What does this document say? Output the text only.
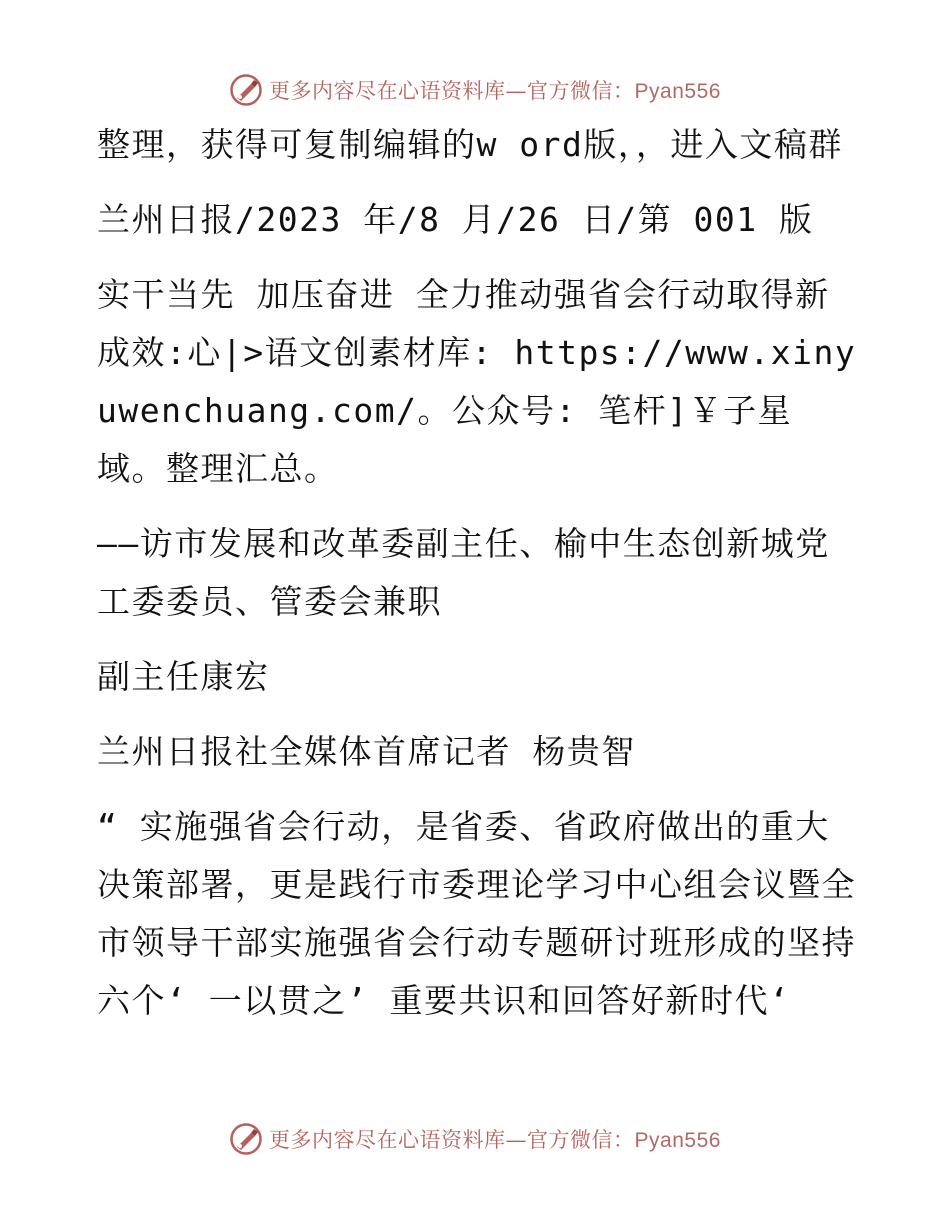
更多内容尽在心语资料库—官方微信：Pyan556

整理，获得可复制编辑的w ord版，，进入文稿群

兰州日报/2023 年/8 月/26 日/第 001 版

实干当先 加压奋进 全力推动强省会行动取得新成效:心|>语文创素材库: https://www.xinyuwenchuang.com/。公众号: 笔杆]￥子星域。整理汇总。

——访市发展和改革委副主任、榆中生态创新城党工委委员、管委会兼职

副主任康宏

兰州日报社全媒体首席记者 杨贵智

“ 实施强省会行动，是省委、省政府做出的重大决策部署，更是践行市委理论学习中心组会议暨全市领导干部实施强省会行动专题研讨班形成的坚持六个‘ 一以贯之’ 重要共识和回答好新时代‘

更多内容尽在心语资料库—官方微信：Pyan556
